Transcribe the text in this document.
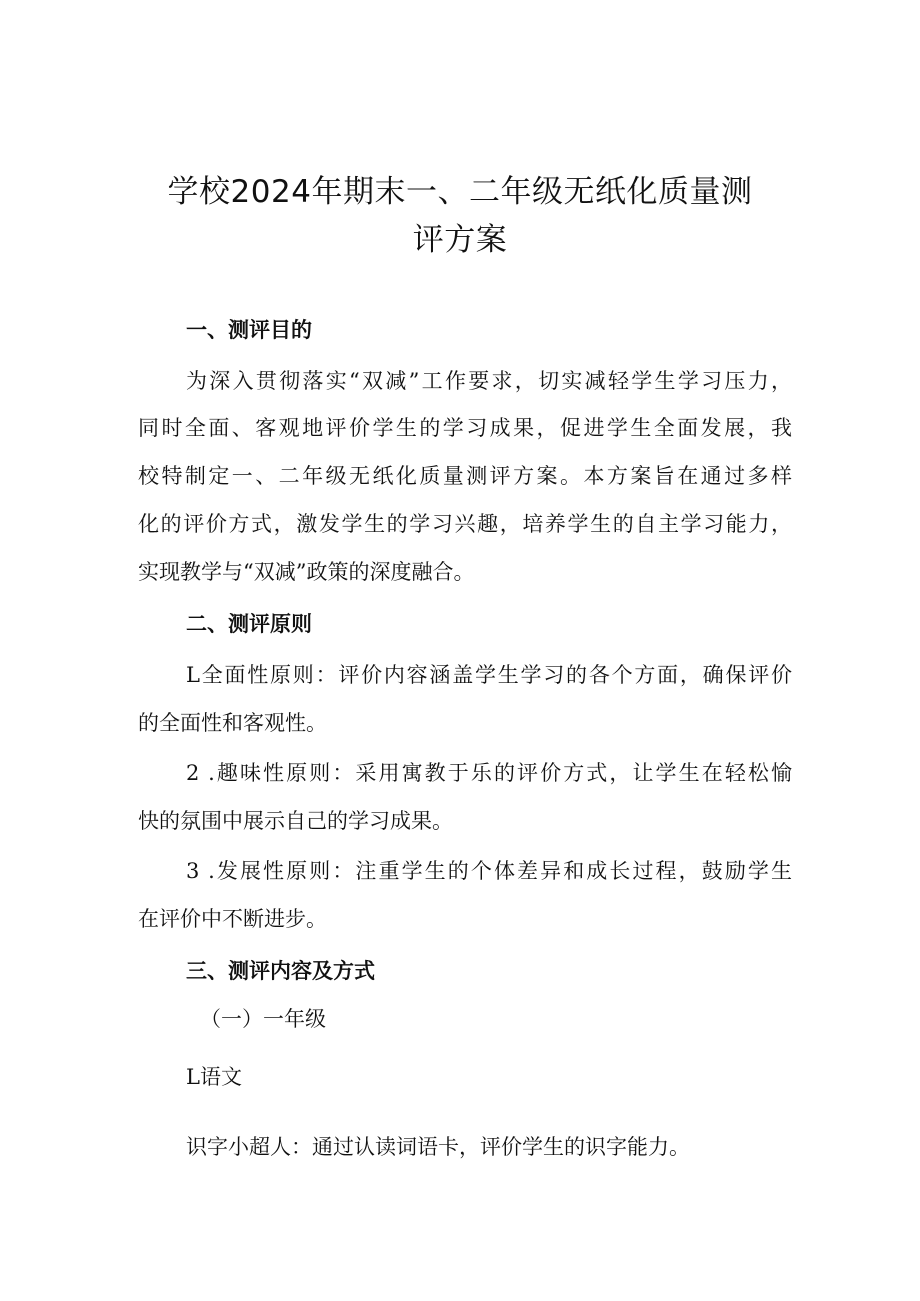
学校2024年期末一、二年级无纸化质量测
评方案
一、测评目的
为深入贯彻落实“双减”工作要求，切实减轻学生学习压力，
同时全面、客观地评价学生的学习成果，促进学生全面发展，我
校特制定一、二年级无纸化质量测评方案。本方案旨在通过多样
化的评价方式，激发学生的学习兴趣，培养学生的自主学习能力，
实现教学与“双减”政策的深度融合。
二、测评原则
L全面性原则：评价内容涵盖学生学习的各个方面，确保评价
的全面性和客观性。
2 .趣味性原则：采用寓教于乐的评价方式，让学生在轻松愉
快的氛围中展示自己的学习成果。
3 .发展性原则：注重学生的个体差异和成长过程，鼓励学生
在评价中不断进步。
三、测评内容及方式
（一）一年级
L语文
识字小超人：通过认读词语卡，评价学生的识字能力。
